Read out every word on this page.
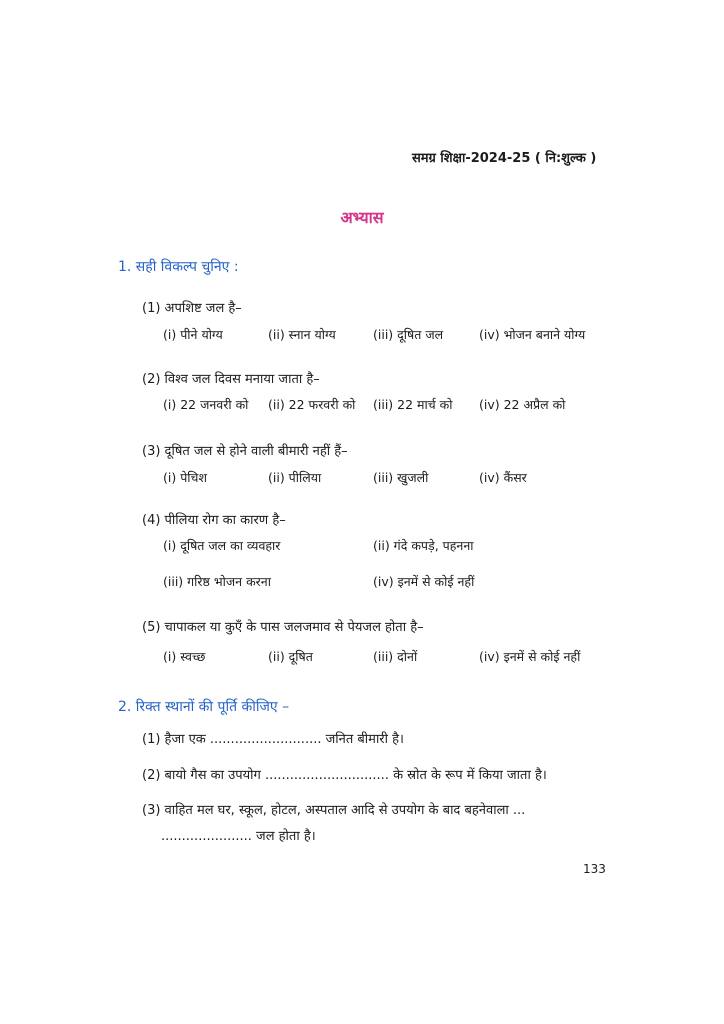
समग्र शिक्षा-2024-25 ( नि:शुल्क )
अभ्यास
1. सही विकल्प चुनिए :
(1) अपशिष्ट जल है–
(i) पीने योग्य	(ii) स्नान योग्य	(iii) दूषित जल	(iv) भोजन बनाने योग्य
(2) विश्व जल दिवस मनाया जाता है–
(i) 22 जनवरी को (ii) 22 फरवरी को (iii) 22 मार्च को (iv) 22 अप्रैल को
(3) दूषित जल से होने वाली बीमारी नहीं हैं–
(i) पेचिश	(ii) पीलिया	(iii) खुजली	(iv) कैंसर
(4) पीलिया रोग का कारण है–
(i) दूषित जल का व्यवहार	(ii) गंदे कपड़े, पहनना
(iii) गरिष्ठ भोजन करना	(iv) इनमें से कोई नहीं
(5) चापाकल या कुएँ के पास जलजमाव से पेयजल होता है–
(i) स्वच्छ	(ii) दूषित	(iii) दोनों	(iv) इनमें से कोई नहीं
2. रिक्त स्थानों की पूर्ति कीजिए –
(1) हैजा एक ........................... जनित बीमारी है।
(2) बायो गैस का उपयोग .............................. के स्रोत के रूप में किया जाता है।
(3) वाहित मल घर, स्कूल, होटल, अस्पताल आदि से उपयोग के बाद बहनेवाला ...
...................... जल होता है।
133
